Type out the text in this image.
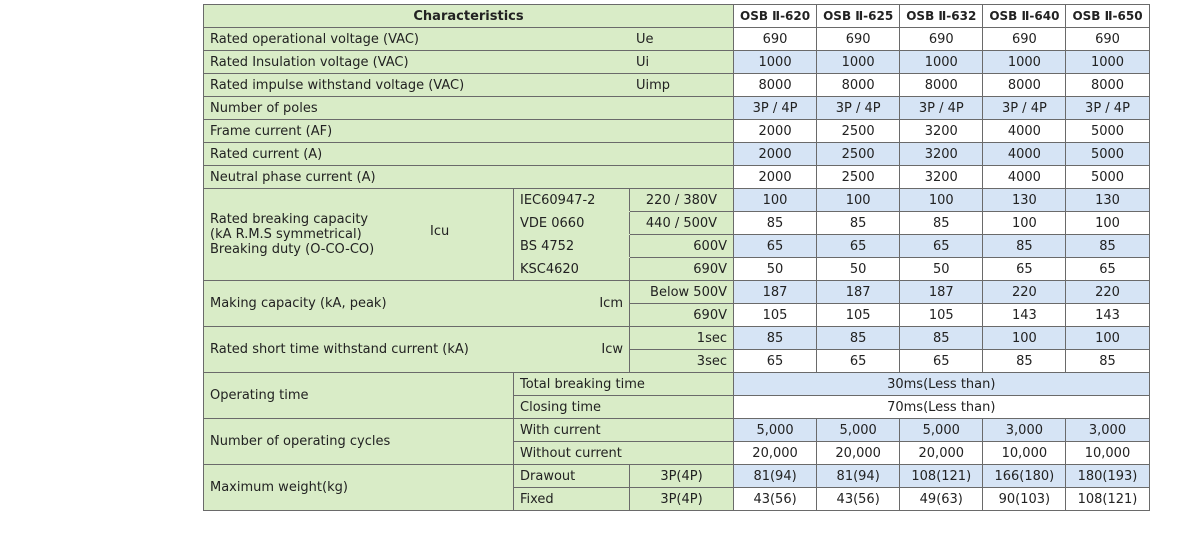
Characteristics				OSB Ⅱ-620	OSB Ⅱ-625	OSB Ⅱ-632	OSB Ⅱ-640	OSB Ⅱ-650
Rated operational voltage (VAC)			Ue	690	690	690	690	690
Rated Insulation voltage (VAC)			Ui	1000	1000	1000	1000	1000
Rated impulse withstand voltage (VAC)			Uimp	8000	8000	8000	8000	8000
Number of poles				3P / 4P	3P / 4P	3P / 4P	3P / 4P	3P / 4P
Frame current (AF)				2000	2500	3200	4000	5000
Rated current (A)				2000	2500	3200	4000	5000
Neutral phase current (A)				2000	2500	3200	4000	5000

Rated breaking capacity
(kA R.M.S symmetrical)
Breaking duty (O-CO-CO)	Icu	IEC60947-2	220 / 380V	100	100	100	130	130
		VDE 0660	440 / 500V	85	85	85	100	100
		BS 4752	600V	65	65	65	85	85
		KSC4620	690V	50	50	50	65	65
Making capacity (kA, peak)		Icm	Below 500V	187	187	187	220	220
			690V	105	105	105	143	143
Rated short time withstand current (kA)		Icw	1sec	85	85	85	100	100
			3sec	65	65	65	85	85
Operating time		Total breaking time		30ms(Less than)				
		Closing time		70ms(Less than)				
Number of operating cycles		With current		5,000	5,000	5,000	3,000	3,000
		Without current		20,000	20,000	20,000	10,000	10,000
Maximum weight(kg)		Drawout	3P(4P)	81(94)	81(94)	108(121)	166(180)	180(193)
		Fixed	3P(4P)	43(56)	43(56)	49(63)	90(103)	108(121)
